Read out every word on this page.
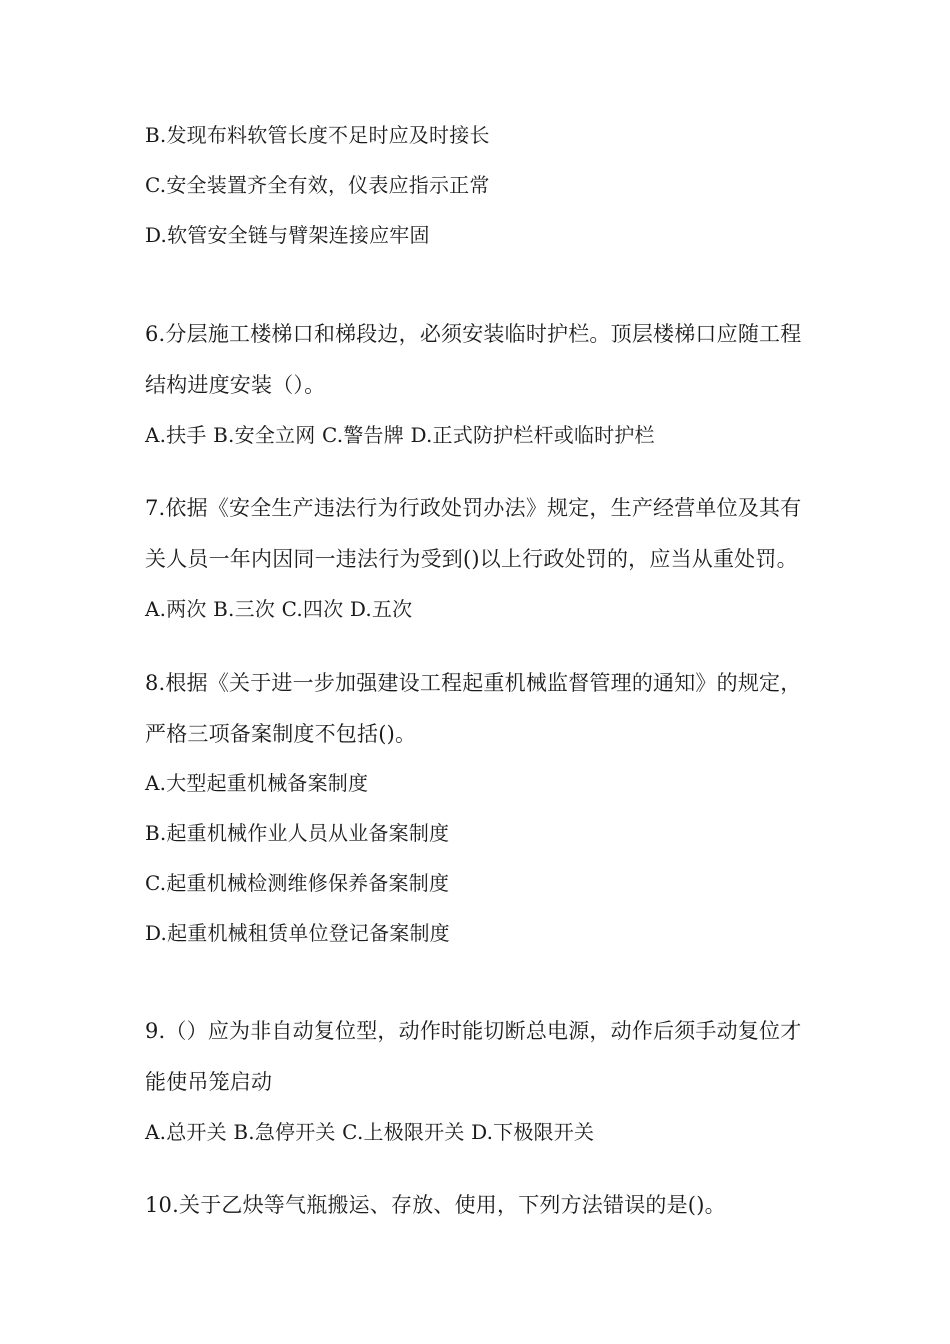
B.发现布料软管长度不足时应及时接长
C.安全装置齐全有效，仪表应指示正常
D.软管安全链与臂架连接应牢固
6.分层施工楼梯口和梯段边，必须安装临时护栏。顶层楼梯口应随工程
结构进度安装（）。
A.扶手 B.安全立网 C.警告牌 D.正式防护栏杆或临时护栏
7.依据《安全生产违法行为行政处罚办法》规定，生产经营单位及其有
关人员一年内因同一违法行为受到()以上行政处罚的，应当从重处罚。
A.两次 B.三次 C.四次 D.五次
8.根据《关于进一步加强建设工程起重机械监督管理的通知》的规定，
严格三项备案制度不包括()。
A.大型起重机械备案制度
B.起重机械作业人员从业备案制度
C.起重机械检测维修保养备案制度
D.起重机械租赁单位登记备案制度
9.（）应为非自动复位型，动作时能切断总电源，动作后须手动复位才
能使吊笼启动
A.总开关 B.急停开关 C.上极限开关 D.下极限开关
10.关于乙炔等气瓶搬运、存放、使用，下列方法错误的是()。
